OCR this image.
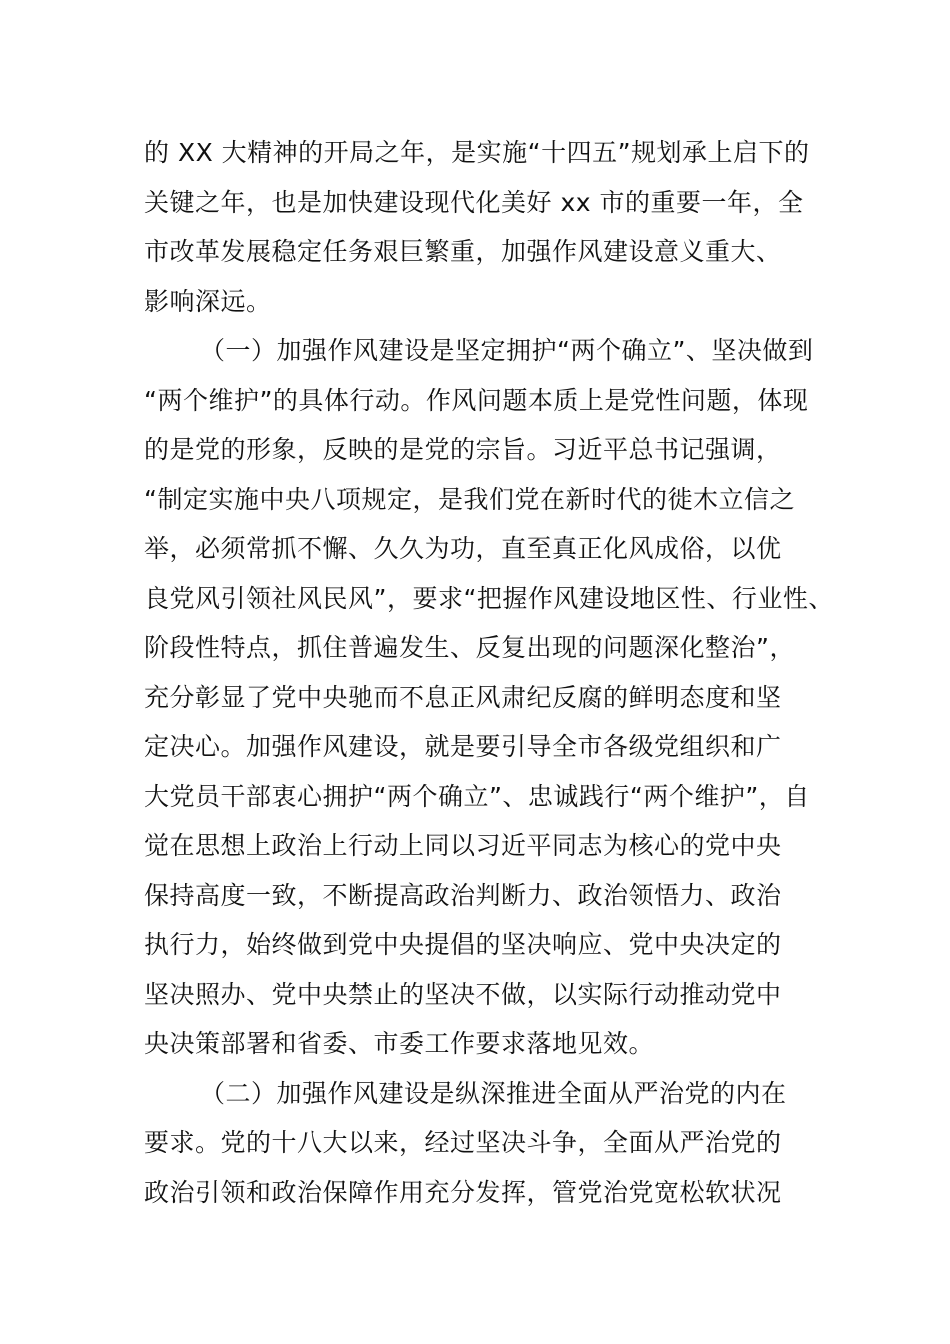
的 XX 大精神的开局之年，是实施“十四五”规划承上启下的
关键之年，也是加快建设现代化美好 xx 市的重要一年，全
市改革发展稳定任务艰巨繁重，加强作风建设意义重大、
影响深远。
（一）加强作风建设是坚定拥护“两个确立”、坚决做到
“两个维护”的具体行动。作风问题本质上是党性问题，体现
的是党的形象，反映的是党的宗旨。习近平总书记强调，
“制定实施中央八项规定，是我们党在新时代的徙木立信之
举，必须常抓不懈、久久为功，直至真正化风成俗，以优
良党风引领社风民风”，要求“把握作风建设地区性、行业性、
阶段性特点，抓住普遍发生、反复出现的问题深化整治”，
充分彰显了党中央驰而不息正风肃纪反腐的鲜明态度和坚
定决心。加强作风建设，就是要引导全市各级党组织和广
大党员干部衷心拥护“两个确立”、忠诚践行“两个维护”，自
觉在思想上政治上行动上同以习近平同志为核心的党中央
保持高度一致，不断提高政治判断力、政治领悟力、政治
执行力，始终做到党中央提倡的坚决响应、党中央决定的
坚决照办、党中央禁止的坚决不做，以实际行动推动党中
央决策部署和省委、市委工作要求落地见效。
（二）加强作风建设是纵深推进全面从严治党的内在
要求。党的十八大以来，经过坚决斗争，全面从严治党的
政治引领和政治保障作用充分发挥，管党治党宽松软状况
